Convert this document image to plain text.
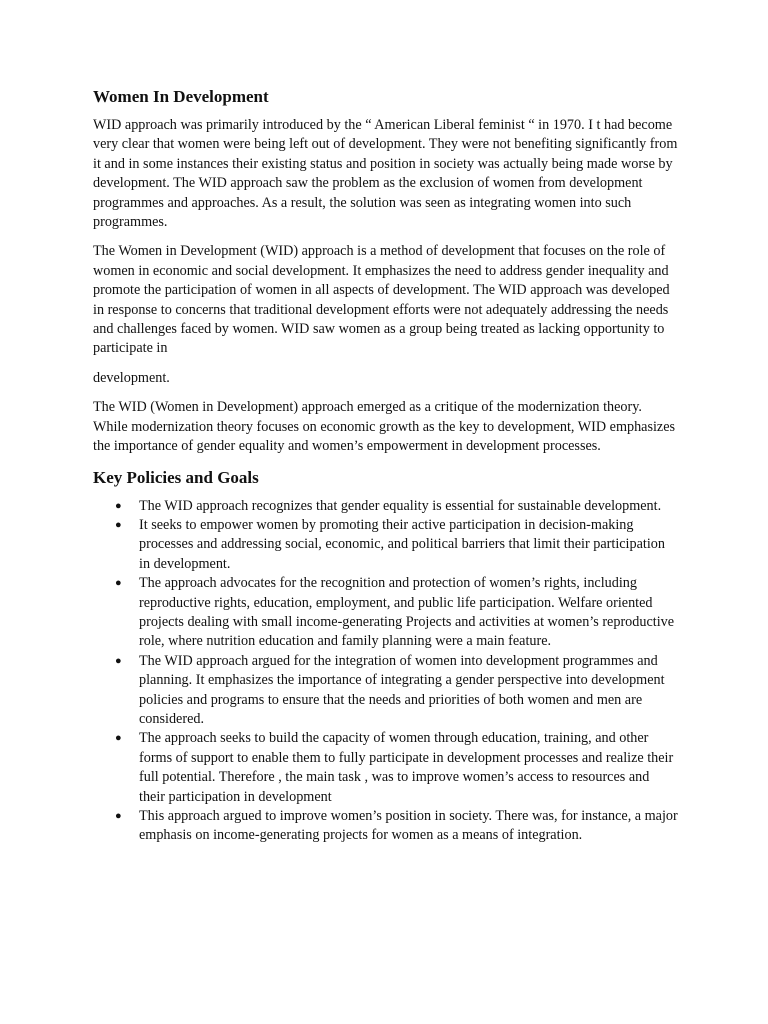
Women In Development

WID approach was primarily introduced by the “ American Liberal feminist “ in 1970. I t had become very clear that women were being left out of development. They were not benefiting significantly from it and in some instances their existing status and position in society was actually being made worse by development. The WID approach saw the problem as the exclusion of women from development programmes and approaches. As a result, the solution was seen as integrating women into such programmes.

The Women in Development (WID) approach is a method of development that focuses on the role of women in economic and social development. It emphasizes the need to address gender inequality and promote the participation of women in all aspects of development. The WID approach was developed in response to concerns that traditional development efforts were not adequately addressing the needs and challenges faced by women. WID saw women as a group being treated as lacking opportunity to participate in

development.

The WID (Women in Development) approach emerged as a critique of the modernization theory. While modernization theory focuses on economic growth as the key to development, WID emphasizes the importance of gender equality and women’s empowerment in development processes.

Key Policies and Goals
● The WID approach recognizes that gender equality is essential for sustainable development.
● It seeks to empower women by promoting their active participation in decision-making processes and addressing social, economic, and political barriers that limit their participation in development.
● The approach advocates for the recognition and protection of women’s rights, including reproductive rights, education, employment, and public life participation. Welfare oriented projects dealing with small income-generating Projects and activities at women’s reproductive role, where nutrition education and family planning were a main feature.
● The WID approach argued for the integration of women into development programmes and planning. It emphasizes the importance of integrating a gender perspective into development policies and programs to ensure that the needs and priorities of both women and men are considered.
● The approach seeks to build the capacity of women through education, training, and other forms of support to enable them to fully participate in development processes and realize their full potential. Therefore , the main task , was to improve women’s access to resources and their participation in development
● This approach argued to improve women’s position in society. There was, for instance, a major emphasis on income-generating projects for women as a means of integration.
